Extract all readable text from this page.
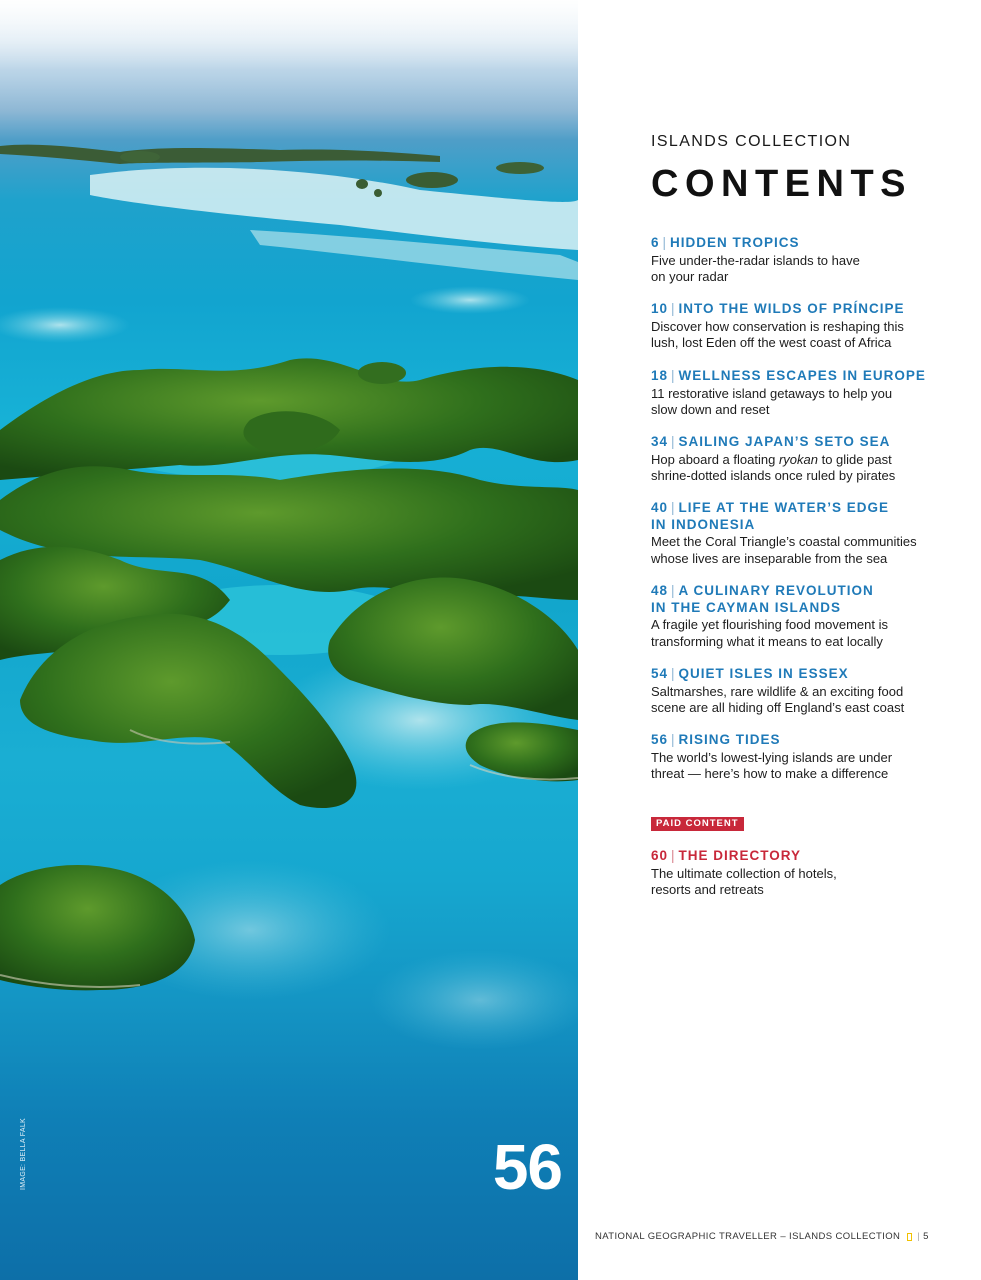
IMAGE: BELLA FALK	56
ISLANDS COLLECTION
CONTENTS
6 | HIDDEN TROPICS
Five under-the-radar islands to have
on your radar
10 | INTO THE WILDS OF PRÍNCIPE
Discover how conservation is reshaping this
lush, lost Eden off the west coast of Africa
18 | WELLNESS ESCAPES IN EUROPE
11 restorative island getaways to help you
slow down and reset
34 | SAILING JAPAN’S SETO SEA
Hop aboard a floating ryokan to glide past
shrine-dotted islands once ruled by pirates
40 | LIFE AT THE WATER’S EDGE
IN INDONESIA
Meet the Coral Triangle’s coastal communities
whose lives are inseparable from the sea
48 | A CULINARY REVOLUTION
IN THE CAYMAN ISLANDS
A fragile yet flourishing food movement is
transforming what it means to eat locally
54 | QUIET ISLES IN ESSEX
Saltmarshes, rare wildlife & an exciting food
scene are all hiding off England’s east coast
56 | RISING TIDES
The world’s lowest-lying islands are under
threat — here’s how to make a difference
PAID CONTENT
60 | THE DIRECTORY
The ultimate collection of hotels,
resorts and retreats
NATIONAL GEOGRAPHIC TRAVELLER – ISLANDS COLLECTION | 5
